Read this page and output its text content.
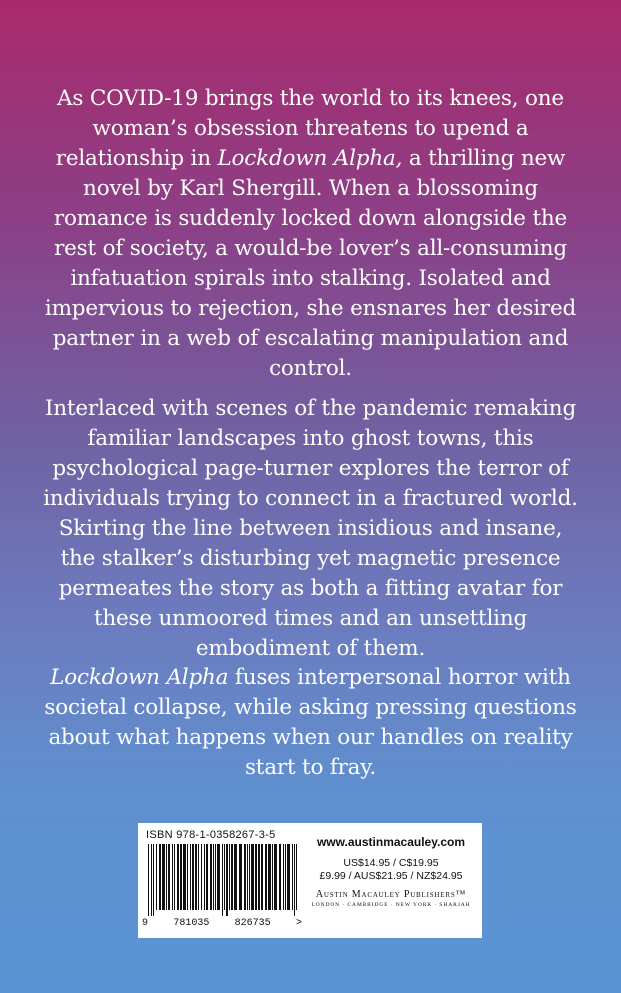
As COVID-19 brings the world to its knees, one woman’s obsession threatens to upend a relationship in Lockdown Alpha, a thrilling new novel by Karl Shergill. When a blossoming romance is suddenly locked down alongside the rest of society, a would-be lover’s all-consuming infatuation spirals into stalking. Isolated and impervious to rejection, she ensnares her desired partner in a web of escalating manipulation and control.

Interlaced with scenes of the pandemic remaking familiar landscapes into ghost towns, this psychological page-turner explores the terror of individuals trying to connect in a fractured world. Skirting the line between insidious and insane, the stalker’s disturbing yet magnetic presence permeates the story as both a fitting avatar for these unmoored times and an unsettling embodiment of them.

Lockdown Alpha fuses interpersonal horror with societal collapse, while asking pressing questions about what happens when our handles on reality start to fray.

ISBN 978-1-0358267-3-5
9	781035	826735	>
www.austinmacauley.com
US$14.95 / C$19.95
£9.99 / AUS$21.95 / NZ$24.95
Austin Macauley Publishers™
LONDON · CAMBRIDGE · NEW YORK · SHARJAH
